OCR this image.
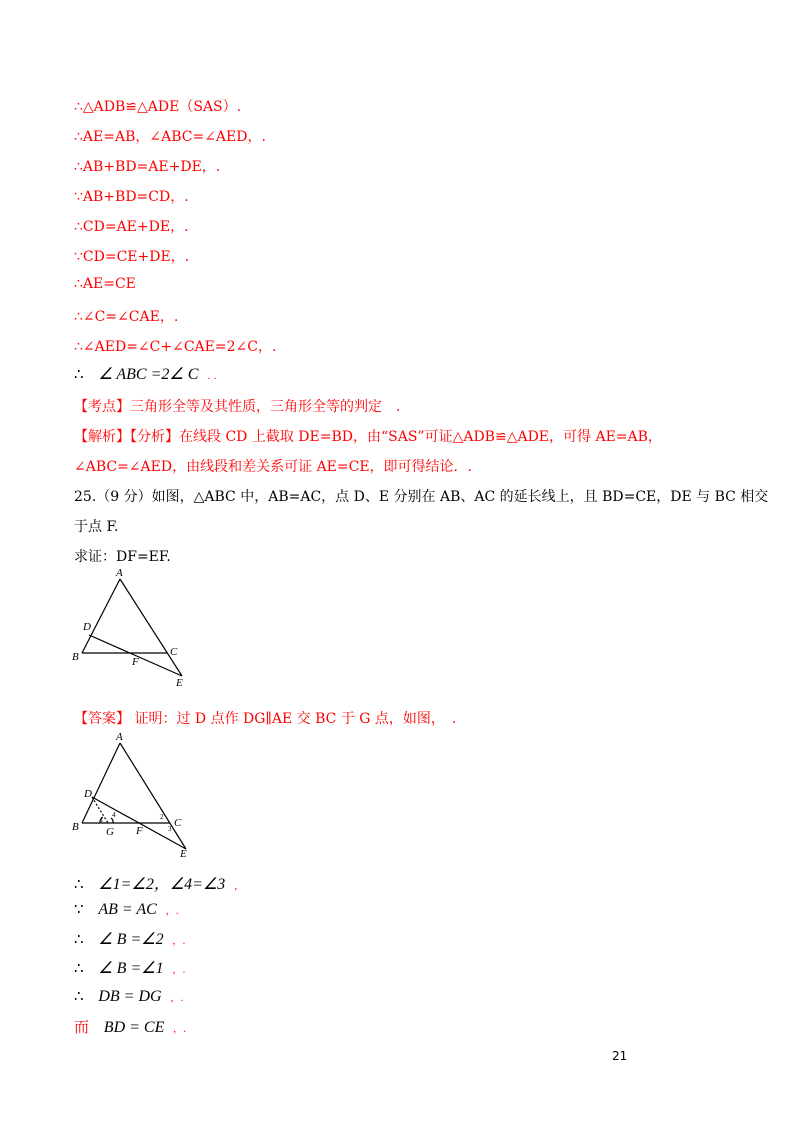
∴△ADB≌△ADE（SAS）.
∴AE=AB，∠ABC=∠AED，.
∴AB+BD=AE+DE，.
∵AB+BD=CD，.
∴CD=AE+DE，.
∵CD=CE+DE，.
∴AE=CE
∴∠C=∠CAE，.
∴∠AED=∠C+∠CAE=2∠C，.
∴ ∠ ABC =2∠ C . .
【考点】三角形全等及其性质，三角形全等的判定　.
【解析】【分析】在线段 CD 上截取 DE=BD，由“SAS”可证△ADB≌△ADE，可得 AE=AB，
∠ABC=∠AED，由线段和差关系可证 AE=CE，即可得结论．.
25.（9 分）如图，△ABC 中，AB=AC，点 D、E 分别在 AB、AC 的延长线上，且 BD=CE，DE 与 BC 相交
于点 F.
求证：DF=EF.
A
D
B	C
F
E
【答案】 证明：过 D 点作 DG∥AE 交 BC 于 G 点，如图，　.
A
D
B G F
C
E
1
4	2
3
∴ ∠1=∠2，∠4=∠3 ，
∵ AB = AC ，.
∴ ∠ B =∠2 ，.
∴ ∠ B =∠1 ，.
∴ DB = DG ，.
而 BD = CE ，.
21
